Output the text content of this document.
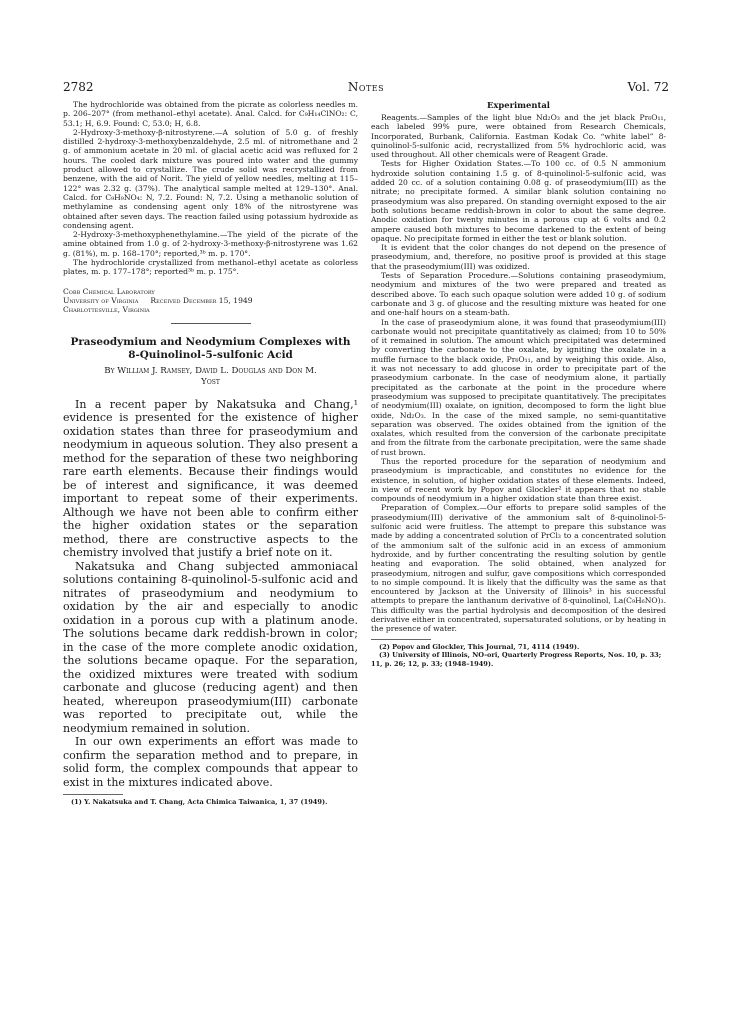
2782	Notes	Vol. 72

The hydrochloride was obtained from the picrate as colorless needles m. p. 206–207° (from methanol–ethyl acetate). Anal. Calcd. for C₉H₁₄ClNO₂: C, 53.1; H, 6.9. Found: C, 53.0; H, 6.8.

2-Hydroxy-3-methoxy-β-nitrostyrene.—A solution of 5.0 g. of freshly distilled 2-hydroxy-3-methoxybenzaldehyde, 2.5 ml. of nitromethane and 2 g. of ammonium acetate in 20 ml. of glacial acetic acid was refluxed for 2 hours. The cooled dark mixture was poured into water and the gummy product allowed to crystallize. The crude solid was recrystallized from benzene, with the aid of Norit. The yield of yellow needles, melting at 115–122° was 2.32 g. (37%). The analytical sample melted at 129–130°. Anal. Calcd. for C₉H₉NO₄: N, 7.2. Found: N, 7.2. Using a methanolic solution of methylamine as condensing agent only 18% of the nitrostyrene was obtained after seven days. The reaction failed using potassium hydroxide as condensing agent.

2-Hydroxy-3-methoxyphenethylamine.—The yield of the picrate of the amine obtained from 1.0 g. of 2-hydroxy-3-methoxy-β-nitrostyrene was 1.62 g. (81%), m. p. 168–170°; reported,³ᵇ m. p. 170°.

The hydrochloride crystallized from methanol–ethyl acetate as colorless plates, m. p. 177–178°; reported³ᵇ m. p. 175°.

Cobb Chemical Laboratory
University of Virginia     Received December 15, 1949
Charlottesville, Virginia

Praseodymium and Neodymium Complexes with
8-Quinolinol-5-sulfonic Acid

By William J. Ramsey, David L. Douglas and Don M.
Yost

In a recent paper by Nakatsuka and Chang,¹ evidence is presented for the existence of higher oxidation states than three for praseodymium and neodymium in aqueous solution. They also present a method for the separation of these two neighboring rare earth elements. Because their findings would be of interest and significance, it was deemed important to repeat some of their experiments. Although we have not been able to confirm either the higher oxidation states or the separation method, there are constructive aspects to the chemistry involved that justify a brief note on it.

Nakatsuka and Chang subjected ammoniacal solutions containing 8-quinolinol-5-sulfonic acid and nitrates of praseodymium and neodymium to oxidation by the air and especially to anodic oxidation in a porous cup with a platinum anode. The solutions became dark reddish-brown in color; in the case of the more complete anodic oxidation, the solutions became opaque. For the separation, the oxidized mixtures were treated with sodium carbonate and glucose (reducing agent) and then heated, whereupon praseodymium(III) carbonate was reported to precipitate out, while the neodymium remained in solution.

In our own experiments an effort was made to confirm the separation method and to prepare, in solid form, the complex compounds that appear to exist in the mixtures indicated above.

(1) Y. Nakatsuka and T. Chang, Acta Chimica Taiwanica, 1, 37 (1949).

Experimental

Reagents.—Samples of the light blue Nd₂O₃ and the jet black Pr₆O₁₁, each labeled 99% pure, were obtained from Research Chemicals, Incorporated, Burbank, California. Eastman Kodak Co. “white label” 8-quinolinol-5-sulfonic acid, recrystallized from 5% hydrochloric acid, was used throughout. All other chemicals were of Reagent Grade.

Tests for Higher Oxidation States.—To 100 cc. of 0.5 N ammonium hydroxide solution containing 1.5 g. of 8-quinolinol-5-sulfonic acid, was added 20 cc. of a solution containing 0.08 g. of praseodymium(III) as the nitrate; no precipitate formed. A similar blank solution containing no praseodymium was also prepared. On standing overnight exposed to the air both solutions became reddish-brown in color to about the same degree. Anodic oxidation for twenty minutes in a porous cup at 6 volts and 0.2 ampere caused both mixtures to become darkened to the extent of being opaque. No precipitate formed in either the test or blank solution.

It is evident that the color changes do not depend on the presence of praseodymium, and, therefore, no positive proof is provided at this stage that the praseodymium(III) was oxidized.

Tests of Separation Procedure.—Solutions containing praseodymium, neodymium and mixtures of the two were prepared and treated as described above. To each such opaque solution were added 10 g. of sodium carbonate and 3 g. of glucose and the resulting mixture was heated for one and one-half hours on a steam-bath.

In the case of praseodymium alone, it was found that praseodymium(III) carbonate would not precipitate quantitatively as claimed; from 10 to 50% of it remained in solution. The amount which precipitated was determined by converting the carbonate to the oxalate, by igniting the oxalate in a muffle furnace to the black oxide, Pr₆O₁₁, and by weighing this oxide. Also, it was not necessary to add glucose in order to precipitate part of the praseodymium carbonate. In the case of neodymium alone, it partially precipitated as the carbonate at the point in the procedure where praseodymium was supposed to precipitate quantitatively. The precipitates of neodymium(III) oxalate, on ignition, decomposed to form the light blue oxide, Nd₂O₃. In the case of the mixed sample, no semi-quantitative separation was observed. The oxides obtained from the ignition of the oxalates, which resulted from the conversion of the carbonate precipitate and from the filtrate from the carbonate precipitation, were the same shade of rust brown.

Thus the reported procedure for the separation of neodymium and praseodymium is impracticable, and constitutes no evidence for the existence, in solution, of higher oxidation states of these elements. Indeed, in view of recent work by Popov and Glockler² it appears that no stable compounds of neodymium in a higher oxidation state than three exist.

Preparation of Complex.—Our efforts to prepare solid samples of the praseodymium(III) derivative of the ammonium salt of 8-quinolinol-5-sulfonic acid were fruitless. The attempt to prepare this substance was made by adding a concentrated solution of PrCl₃ to a concentrated solution of the ammonium salt of the sulfonic acid in an excess of ammonium hydroxide, and by further concentrating the resulting solution by gentle heating and evaporation. The solid obtained, when analyzed for praseodymium, nitrogen and sulfur, gave compositions which corresponded to no simple compound. It is likely that the difficulty was the same as that encountered by Jackson at the University of Illinois³ in his successful attempts to prepare the lanthanum derivative of 8-quinolinol, La(C₉H₆NO)₃. This difficulty was the partial hydrolysis and decomposition of the desired derivative either in concentrated, supersaturated solutions, or by heating in the presence of water.

(2) Popov and Glockler, This Journal, 71, 4114 (1949).

(3) University of Illinois, NO-ori, Quarterly Progress Reports, Nos. 10, p. 33; 11, p. 26; 12, p. 33; (1948–1949).
